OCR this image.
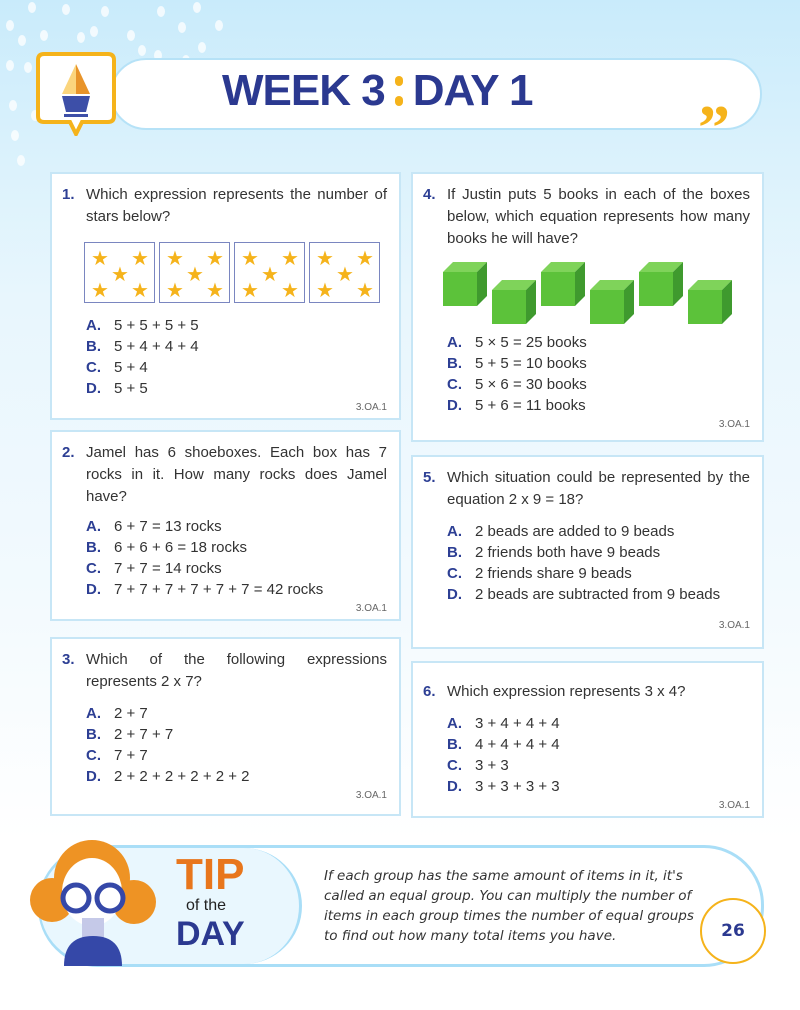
WEEK 3 DAY 1
”
1. Which expression represents the number of stars below?
★ ★
★
★ ★
★ ★
★
★ ★
★ ★
★
★ ★
★ ★
★
★ ★
A. 5 + 5 + 5 + 5
B. 5 + 4 + 4 + 4
C. 5 + 4
D. 5 + 5
3.OA.1
2. Jamel has 6 shoeboxes. Each box has 7 rocks in it. How many rocks does Jamel have?
A. 6 + 7 = 13 rocks
B. 6 + 6 + 6 = 18 rocks
C. 7 + 7 = 14 rocks
D. 7 + 7 + 7 + 7 + 7 + 7 = 42 rocks
3.OA.1
3. Which of the following expressions represents 2 x 7?
A. 2 + 7
B. 2 + 7 + 7
C. 7 + 7
D. 2 + 2 + 2 + 2 + 2 + 2
3.OA.1
4. If Justin puts 5 books in each of the boxes below, which equation represents how many books he will have?
A. 5 × 5 = 25 books
B. 5 + 5 = 10 books
C. 5 × 6 = 30 books
D. 5 + 6 = 11 books
3.OA.1
5. Which situation could be represented by the equation 2 x 9 = 18?
A. 2 beads are added to 9 beads
B. 2 friends both have 9 beads
C. 2 friends share 9 beads
D. 2 beads are subtracted from 9 beads
3.OA.1
6. Which expression represents 3 x 4?
A. 3 + 4 + 4 + 4
B. 4 + 4 + 4 + 4
C. 3 + 3
D. 3 + 3 + 3 + 3
3.OA.1
TIP
of the
DAY
If each group has the same amount of items in it, it's called an equal group. You can multiply the number of items in each group times the number of equal groups to find out how many total items you have.	26
